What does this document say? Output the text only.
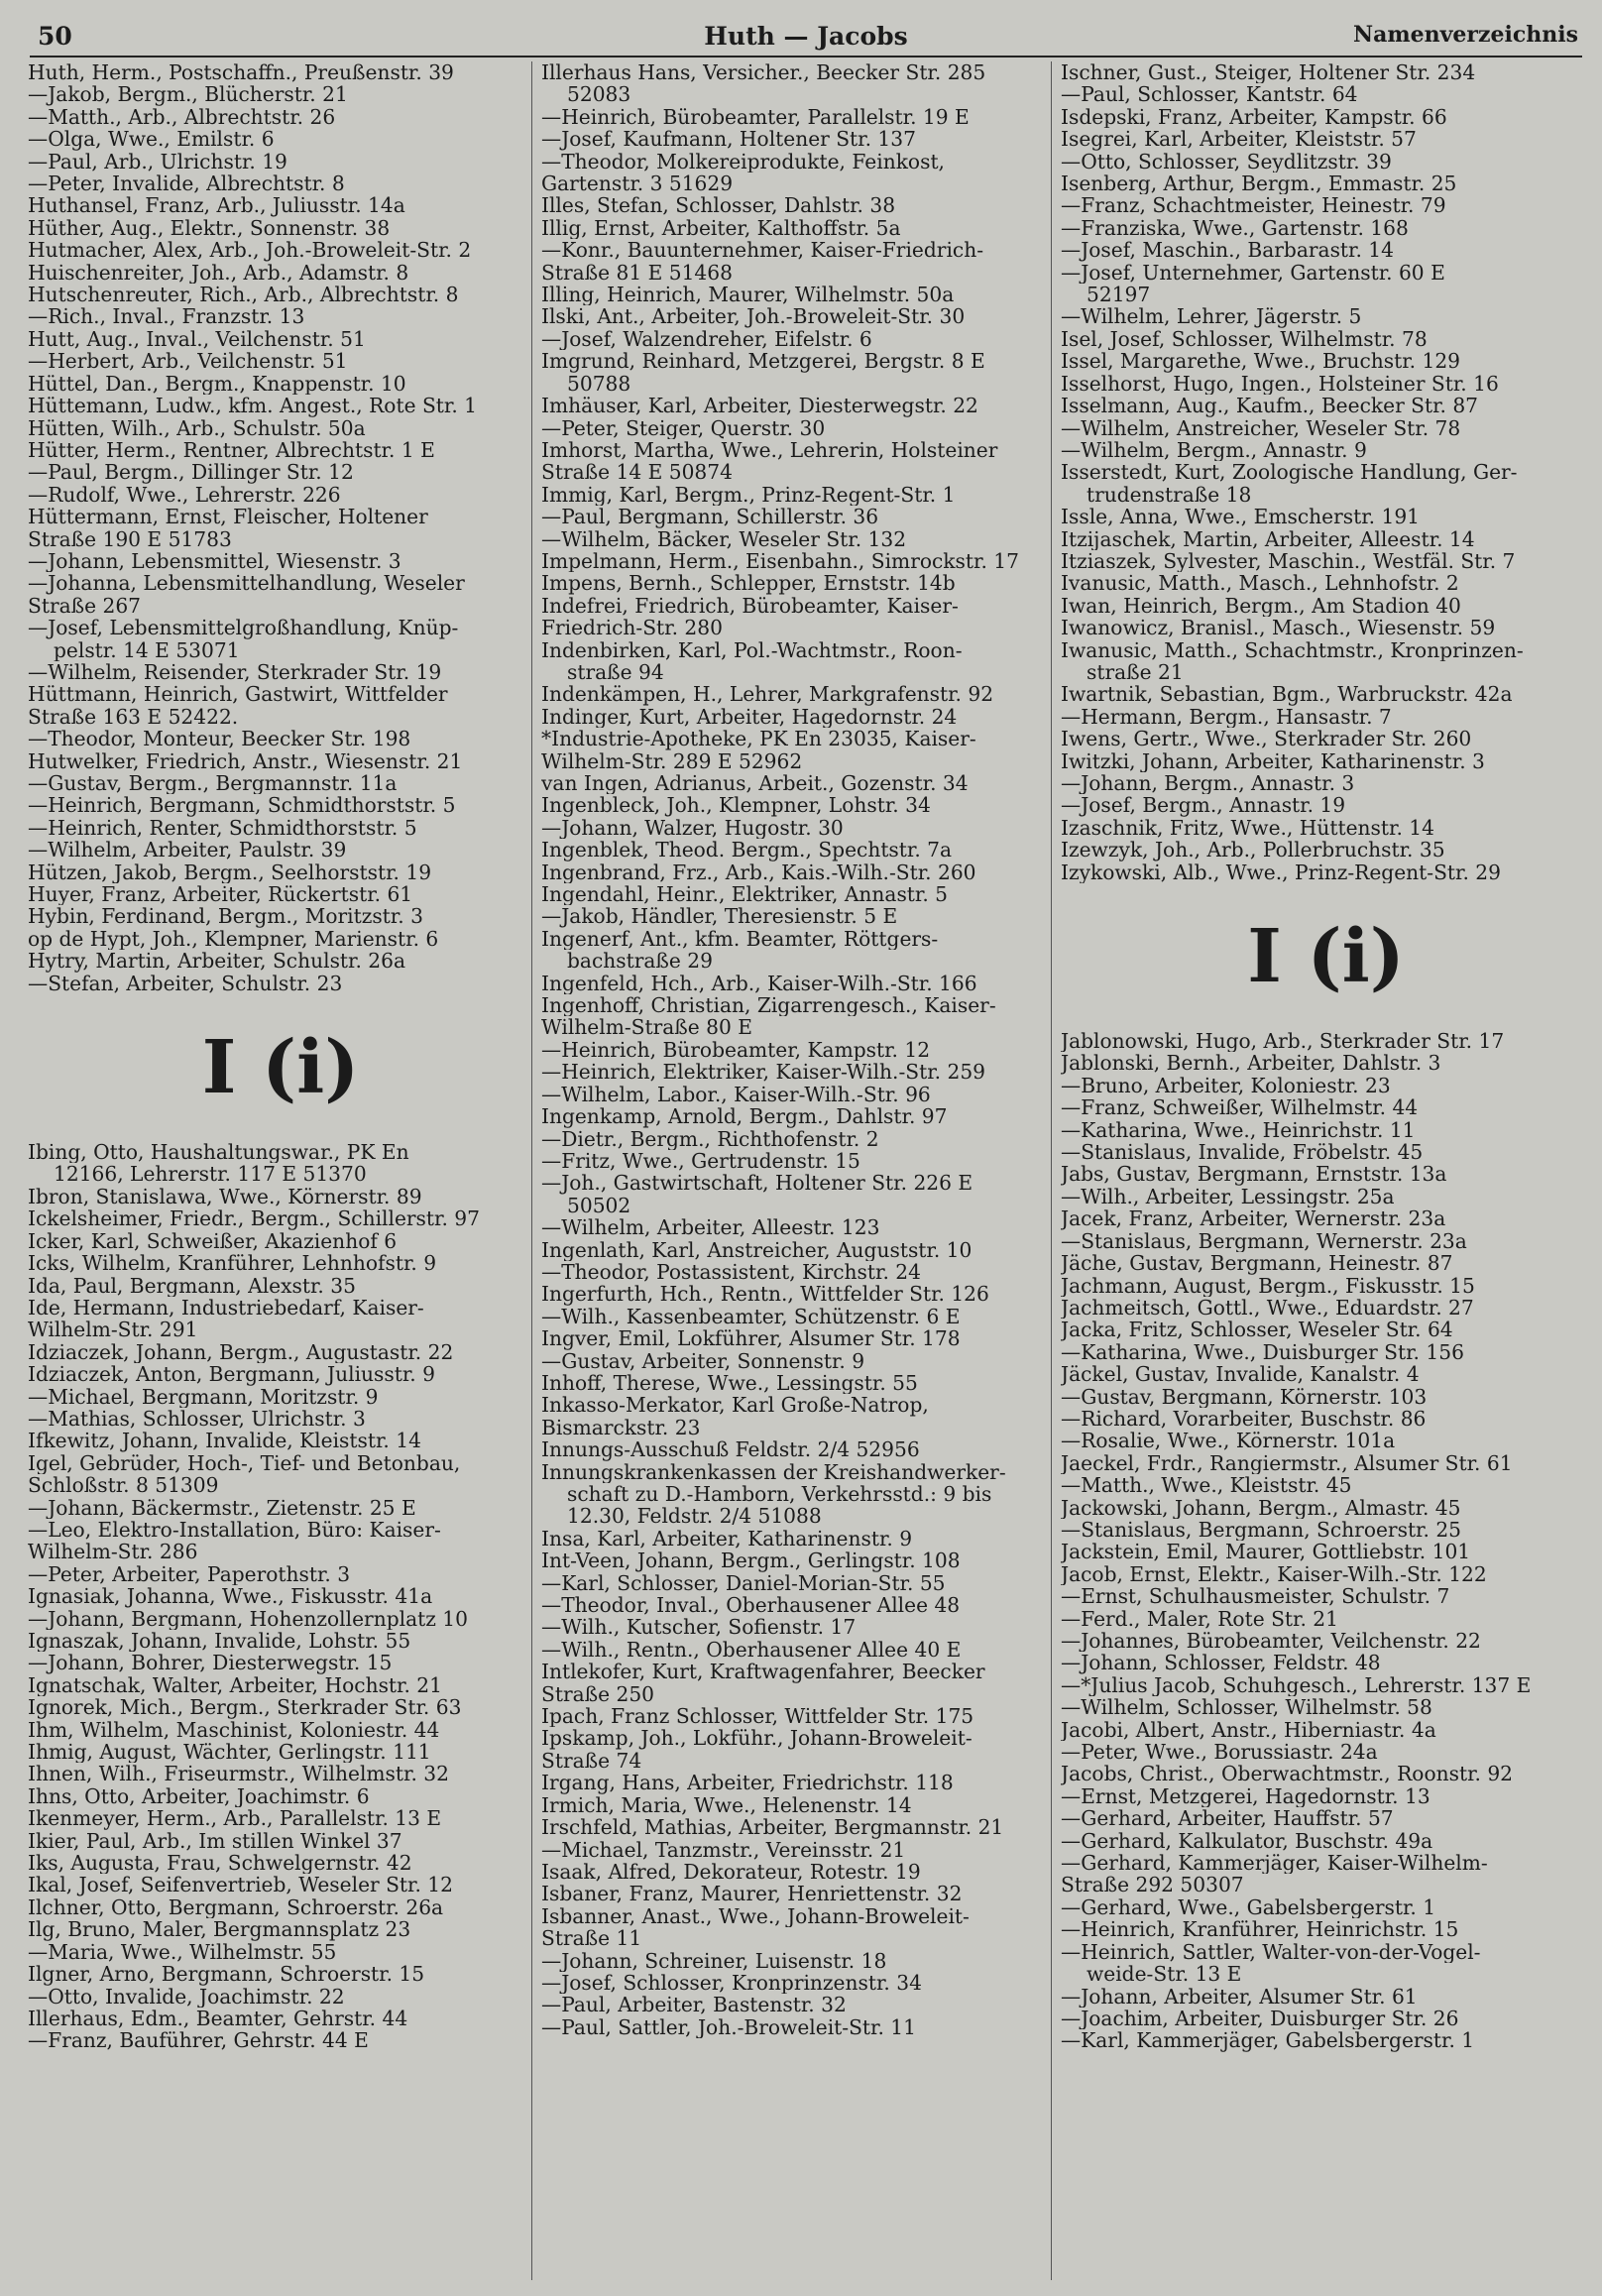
50	Huth — Jacobs	Namenverzeichnis
Huth, Herm., Postschaffn., Preußenstr. 39
—Jakob, Bergm., Blücherstr. 21
—Matth., Arb., Albrechtstr. 26
—Olga, Wwe., Emilstr. 6
—Paul, Arb., Ulrichstr. 19
—Peter, Invalide, Albrechtstr. 8
Huthansel, Franz, Arb., Juliusstr. 14a
Hüther, Aug., Elektr., Sonnenstr. 38
Hutmacher, Alex, Arb., Joh.-Broweleit-Str. 2
Huischenreiter, Joh., Arb., Adamstr. 8
Hutschenreuter, Rich., Arb., Albrechtstr. 8
—Rich., Inval., Franzstr. 13
Hutt, Aug., Inval., Veilchenstr. 51
—Herbert, Arb., Veilchenstr. 51
Hüttel, Dan., Bergm., Knappenstr. 10
Hüttemann, Ludw., kfm. Angest., Rote Str. 1
Hütten, Wilh., Arb., Schulstr. 50a
Hütter, Herm., Rentner, Albrechtstr. 1 E
—Paul, Bergm., Dillinger Str. 12
—Rudolf, Wwe., Lehrerstr. 226
Hüttermann, Ernst, Fleischer, Holtener
Straße 190 E 51783
—Johann, Lebensmittel, Wiesenstr. 3
—Johanna, Lebensmittelhandlung, Weseler
Straße 267
—Josef, Lebensmittelgroßhandlung, Knüp-
pelstr. 14 E 53071
—Wilhelm, Reisender, Sterkrader Str. 19
Hüttmann, Heinrich, Gastwirt, Wittfelder
Straße 163 E 52422.
—Theodor, Monteur, Beecker Str. 198
Hutwelker, Friedrich, Anstr., Wiesenstr. 21
—Gustav, Bergm., Bergmannstr. 11a
—Heinrich, Bergmann, Schmidthorststr. 5
—Heinrich, Renter, Schmidthorststr. 5
—Wilhelm, Arbeiter, Paulstr. 39
Hützen, Jakob, Bergm., Seelhorststr. 19
Huyer, Franz, Arbeiter, Rückertstr. 61
Hybin, Ferdinand, Bergm., Moritzstr. 3
op de Hypt, Joh., Klempner, Marienstr. 6
Hytry, Martin, Arbeiter, Schulstr. 26a
—Stefan, Arbeiter, Schulstr. 23
I (i)
Ibing, Otto, Haushaltungswar., PK En
12166, Lehrerstr. 117 E 51370
Ibron, Stanislawa, Wwe., Körnerstr. 89
Ickelsheimer, Friedr., Bergm., Schillerstr. 97
Icker, Karl, Schweißer, Akazienhof 6
Icks, Wilhelm, Kranführer, Lehnhofstr. 9
Ida, Paul, Bergmann, Alexstr. 35
Ide, Hermann, Industriebedarf, Kaiser-
Wilhelm-Str. 291
Idziaczek, Johann, Bergm., Augustastr. 22
Idziaczek, Anton, Bergmann, Juliusstr. 9
—Michael, Bergmann, Moritzstr. 9
—Mathias, Schlosser, Ulrichstr. 3
Ifkewitz, Johann, Invalide, Kleiststr. 14
Igel, Gebrüder, Hoch-, Tief- und Betonbau,
Schloßstr. 8 51309
—Johann, Bäckermstr., Zietenstr. 25 E
—Leo, Elektro-Installation, Büro: Kaiser-
Wilhelm-Str. 286
—Peter, Arbeiter, Paperothstr. 3
Ignasiak, Johanna, Wwe., Fiskusstr. 41a
—Johann, Bergmann, Hohenzollernplatz 10
Ignaszak, Johann, Invalide, Lohstr. 55
—Johann, Bohrer, Diesterwegstr. 15
Ignatschak, Walter, Arbeiter, Hochstr. 21
Ignorek, Mich., Bergm., Sterkrader Str. 63
Ihm, Wilhelm, Maschinist, Koloniestr. 44
Ihmig, August, Wächter, Gerlingstr. 111
Ihnen, Wilh., Friseurmstr., Wilhelmstr. 32
Ihns, Otto, Arbeiter, Joachimstr. 6
Ikenmeyer, Herm., Arb., Parallelstr. 13 E
Ikier, Paul, Arb., Im stillen Winkel 37
Iks, Augusta, Frau, Schwelgernstr. 42
Ikal, Josef, Seifenvertrieb, Weseler Str. 12
Ilchner, Otto, Bergmann, Schroerstr. 26a
Ilg, Bruno, Maler, Bergmannsplatz 23
—Maria, Wwe., Wilhelmstr. 55
Ilgner, Arno, Bergmann, Schroerstr. 15
—Otto, Invalide, Joachimstr. 22
Illerhaus, Edm., Beamter, Gehrstr. 44
—Franz, Bauführer, Gehrstr. 44 E
Illerhaus Hans, Versicher., Beecker Str. 285
52083
—Heinrich, Bürobeamter, Parallelstr. 19 E
—Josef, Kaufmann, Holtener Str. 137
—Theodor, Molkereiprodukte, Feinkost,
Gartenstr. 3 51629
Illes, Stefan, Schlosser, Dahlstr. 38
Illig, Ernst, Arbeiter, Kalthoffstr. 5a
—Konr., Bauunternehmer, Kaiser-Friedrich-
Straße 81 E 51468
Illing, Heinrich, Maurer, Wilhelmstr. 50a
Ilski, Ant., Arbeiter, Joh.-Broweleit-Str. 30
—Josef, Walzendreher, Eifelstr. 6
Imgrund, Reinhard, Metzgerei, Bergstr. 8 E
50788
Imhäuser, Karl, Arbeiter, Diesterwegstr. 22
—Peter, Steiger, Querstr. 30
Imhorst, Martha, Wwe., Lehrerin, Holsteiner
Straße 14 E 50874
Immig, Karl, Bergm., Prinz-Regent-Str. 1
—Paul, Bergmann, Schillerstr. 36
—Wilhelm, Bäcker, Weseler Str. 132
Impelmann, Herm., Eisenbahn., Simrockstr. 17
Impens, Bernh., Schlepper, Ernststr. 14b
Indefrei, Friedrich, Bürobeamter, Kaiser-
Friedrich-Str. 280
Indenbirken, Karl, Pol.-Wachtmstr., Roon-
straße 94
Indenkämpen, H., Lehrer, Markgrafenstr. 92
Indinger, Kurt, Arbeiter, Hagedornstr. 24
*Industrie-Apotheke, PK En 23035, Kaiser-
Wilhelm-Str. 289 E 52962
van Ingen, Adrianus, Arbeit., Gozenstr. 34
Ingenbleck, Joh., Klempner, Lohstr. 34
—Johann, Walzer, Hugostr. 30
Ingenblek, Theod. Bergm., Spechtstr. 7a
Ingenbrand, Frz., Arb., Kais.-Wilh.-Str. 260
Ingendahl, Heinr., Elektriker, Annastr. 5
—Jakob, Händler, Theresienstr. 5 E
Ingenerf, Ant., kfm. Beamter, Röttgers-
bachstraße 29
Ingenfeld, Hch., Arb., Kaiser-Wilh.-Str. 166
Ingenhoff, Christian, Zigarrengesch., Kaiser-
Wilhelm-Straße 80 E
—Heinrich, Bürobeamter, Kampstr. 12
—Heinrich, Elektriker, Kaiser-Wilh.-Str. 259
—Wilhelm, Labor., Kaiser-Wilh.-Str. 96
Ingenkamp, Arnold, Bergm., Dahlstr. 97
—Dietr., Bergm., Richthofenstr. 2
—Fritz, Wwe., Gertrudenstr. 15
—Joh., Gastwirtschaft, Holtener Str. 226 E
50502
—Wilhelm, Arbeiter, Alleestr. 123
Ingenlath, Karl, Anstreicher, Auguststr. 10
—Theodor, Postassistent, Kirchstr. 24
Ingerfurth, Hch., Rentn., Wittfelder Str. 126
—Wilh., Kassenbeamter, Schützenstr. 6 E
Ingver, Emil, Lokführer, Alsumer Str. 178
—Gustav, Arbeiter, Sonnenstr. 9
Inhoff, Therese, Wwe., Lessingstr. 55
Inkasso-Merkator, Karl Große-Natrop,
Bismarckstr. 23
Innungs-Ausschuß Feldstr. 2/4 52956
Innungskrankenkassen der Kreishandwerker-
schaft zu D.-Hamborn, Verkehrsstd.: 9 bis
12.30, Feldstr. 2/4 51088
Insa, Karl, Arbeiter, Katharinenstr. 9
Int-Veen, Johann, Bergm., Gerlingstr. 108
—Karl, Schlosser, Daniel-Morian-Str. 55
—Theodor, Inval., Oberhausener Allee 48
—Wilh., Kutscher, Sofienstr. 17
—Wilh., Rentn., Oberhausener Allee 40 E
Intlekofer, Kurt, Kraftwagenfahrer, Beecker
Straße 250
Ipach, Franz Schlosser, Wittfelder Str. 175
Ipskamp, Joh., Lokführ., Johann-Broweleit-
Straße 74
Irgang, Hans, Arbeiter, Friedrichstr. 118
Irmich, Maria, Wwe., Helenenstr. 14
Irschfeld, Mathias, Arbeiter, Bergmannstr. 21
—Michael, Tanzmstr., Vereinsstr. 21
Isaak, Alfred, Dekorateur, Rotestr. 19
Isbaner, Franz, Maurer, Henriettenstr. 32
Isbanner, Anast., Wwe., Johann-Broweleit-
Straße 11
—Johann, Schreiner, Luisenstr. 18
—Josef, Schlosser, Kronprinzenstr. 34
—Paul, Arbeiter, Bastenstr. 32
—Paul, Sattler, Joh.-Broweleit-Str. 11
Ischner, Gust., Steiger, Holtener Str. 234
—Paul, Schlosser, Kantstr. 64
Isdepski, Franz, Arbeiter, Kampstr. 66
Isegrei, Karl, Arbeiter, Kleiststr. 57
—Otto, Schlosser, Seydlitzstr. 39
Isenberg, Arthur, Bergm., Emmastr. 25
—Franz, Schachtmeister, Heinestr. 79
—Franziska, Wwe., Gartenstr. 168
—Josef, Maschin., Barbarastr. 14
—Josef, Unternehmer, Gartenstr. 60 E
52197
—Wilhelm, Lehrer, Jägerstr. 5
Isel, Josef, Schlosser, Wilhelmstr. 78
Issel, Margarethe, Wwe., Bruchstr. 129
Isselhorst, Hugo, Ingen., Holsteiner Str. 16
Isselmann, Aug., Kaufm., Beecker Str. 87
—Wilhelm, Anstreicher, Weseler Str. 78
—Wilhelm, Bergm., Annastr. 9
Isserstedt, Kurt, Zoologische Handlung, Ger-
trudenstraße 18
Issle, Anna, Wwe., Emscherstr. 191
Itzijaschek, Martin, Arbeiter, Alleestr. 14
Itziaszek, Sylvester, Maschin., Westfäl. Str. 7
Ivanusic, Matth., Masch., Lehnhofstr. 2
Iwan, Heinrich, Bergm., Am Stadion 40
Iwanowicz, Branisl., Masch., Wiesenstr. 59
Iwanusic, Matth., Schachtmstr., Kronprinzen-
straße 21
Iwartnik, Sebastian, Bgm., Warbruckstr. 42a
—Hermann, Bergm., Hansastr. 7
Iwens, Gertr., Wwe., Sterkrader Str. 260
Iwitzki, Johann, Arbeiter, Katharinenstr. 3
—Johann, Bergm., Annastr. 3
—Josef, Bergm., Annastr. 19
Izaschnik, Fritz, Wwe., Hüttenstr. 14
Izewzyk, Joh., Arb., Pollerbruchstr. 35
Izykowski, Alb., Wwe., Prinz-Regent-Str. 29
I (i)
Jablonowski, Hugo, Arb., Sterkrader Str. 17
Jablonski, Bernh., Arbeiter, Dahlstr. 3
—Bruno, Arbeiter, Koloniestr. 23
—Franz, Schweißer, Wilhelmstr. 44
—Katharina, Wwe., Heinrichstr. 11
—Stanislaus, Invalide, Fröbelstr. 45
Jabs, Gustav, Bergmann, Ernststr. 13a
—Wilh., Arbeiter, Lessingstr. 25a
Jacek, Franz, Arbeiter, Wernerstr. 23a
—Stanislaus, Bergmann, Wernerstr. 23a
Jäche, Gustav, Bergmann, Heinestr. 87
Jachmann, August, Bergm., Fiskusstr. 15
Jachmeitsch, Gottl., Wwe., Eduardstr. 27
Jacka, Fritz, Schlosser, Weseler Str. 64
—Katharina, Wwe., Duisburger Str. 156
Jäckel, Gustav, Invalide, Kanalstr. 4
—Gustav, Bergmann, Körnerstr. 103
—Richard, Vorarbeiter, Buschstr. 86
—Rosalie, Wwe., Körnerstr. 101a
Jaeckel, Frdr., Rangiermstr., Alsumer Str. 61
—Matth., Wwe., Kleiststr. 45
Jackowski, Johann, Bergm., Almastr. 45
—Stanislaus, Bergmann, Schroerstr. 25
Jackstein, Emil, Maurer, Gottliebstr. 101
Jacob, Ernst, Elektr., Kaiser-Wilh.-Str. 122
—Ernst, Schulhausmeister, Schulstr. 7
—Ferd., Maler, Rote Str. 21
—Johannes, Bürobeamter, Veilchenstr. 22
—Johann, Schlosser, Feldstr. 48
—*Julius Jacob, Schuhgesch., Lehrerstr. 137 E
—Wilhelm, Schlosser, Wilhelmstr. 58
Jacobi, Albert, Anstr., Hiberniastr. 4a
—Peter, Wwe., Borussiastr. 24a
Jacobs, Christ., Oberwachtmstr., Roonstr. 92
—Ernst, Metzgerei, Hagedornstr. 13
—Gerhard, Arbeiter, Hauffstr. 57
—Gerhard, Kalkulator, Buschstr. 49a
—Gerhard, Kammerjäger, Kaiser-Wilhelm-
Straße 292 50307
—Gerhard, Wwe., Gabelsbergerstr. 1
—Heinrich, Kranführer, Heinrichstr. 15
—Heinrich, Sattler, Walter-von-der-Vogel-
weide-Str. 13 E
—Johann, Arbeiter, Alsumer Str. 61
—Joachim, Arbeiter, Duisburger Str. 26
—Karl, Kammerjäger, Gabelsbergerstr. 1
